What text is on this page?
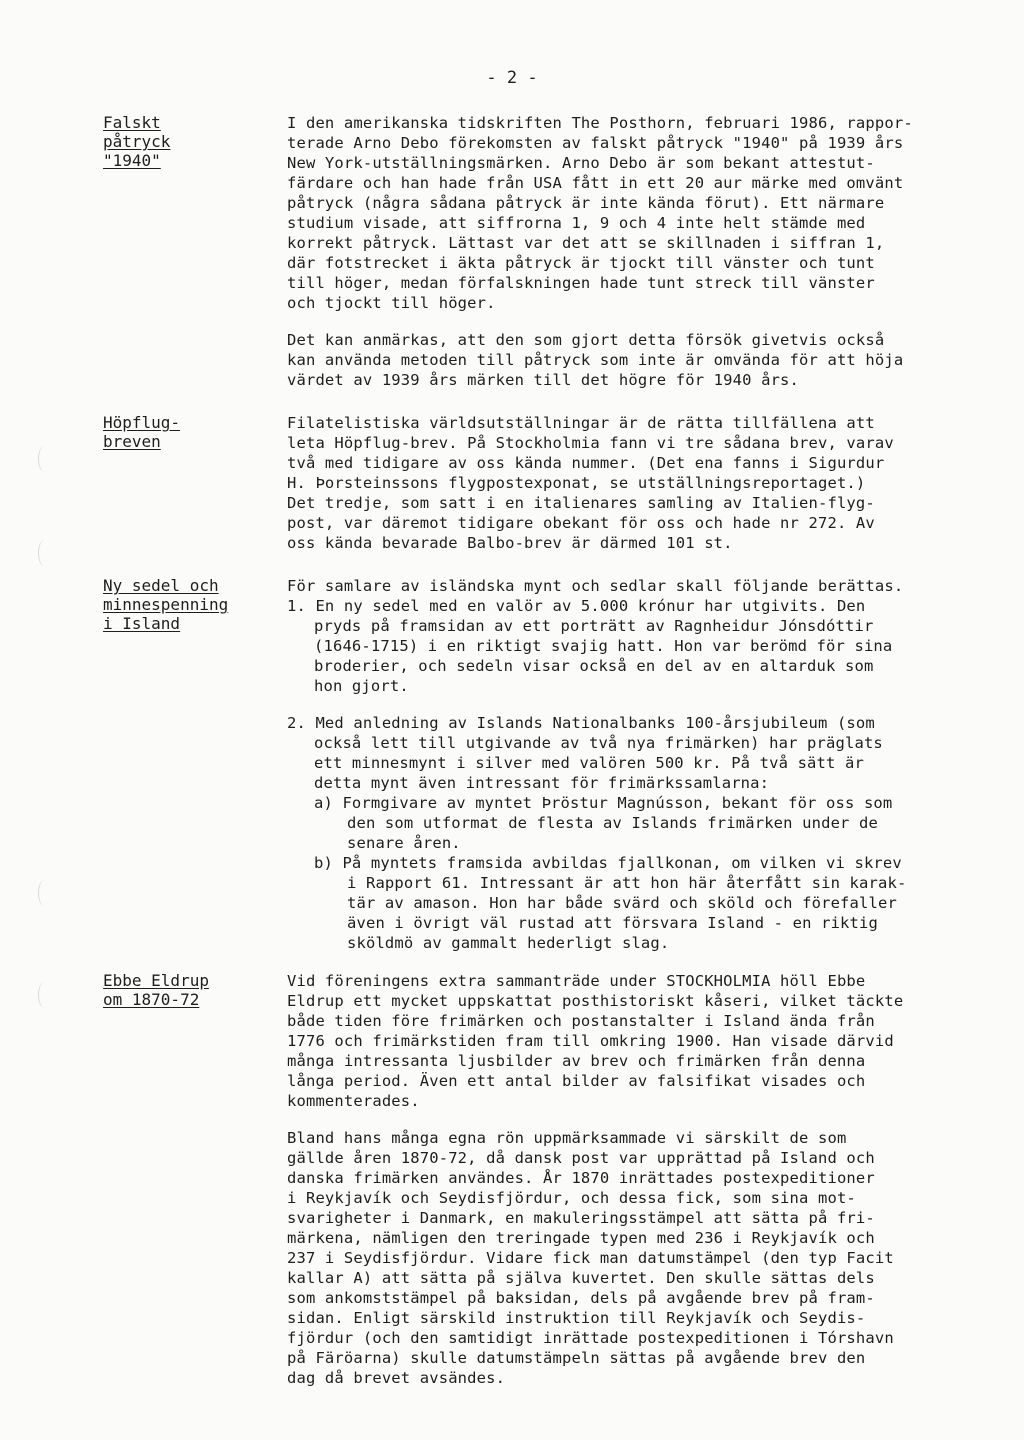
- 2 -
Falskt
påtryck
"1940"
I den amerikanska tidskriften The Posthorn, februari 1986, rappor-
terade Arno Debo förekomsten av falskt påtryck "1940" på 1939 års
New York-utställningsmärken. Arno Debo är som bekant attestut-
färdare och han hade från USA fått in ett 20 aur märke med omvänt
påtryck (några sådana påtryck är inte kända förut). Ett närmare
studium visade, att siffrorna 1, 9 och 4 inte helt stämde med
korrekt påtryck. Lättast var det att se skillnaden i siffran 1,
där fotstrecket i äkta påtryck är tjockt till vänster och tunt
till höger, medan förfalskningen hade tunt streck till vänster
och tjockt till höger.
Det kan anmärkas, att den som gjort detta försök givetvis också
kan använda metoden till påtryck som inte är omvända för att höja
värdet av 1939 års märken till det högre för 1940 års.
Höpflug-
breven
Filatelistiska världsutställningar är de rätta tillfällena att
leta Höpflug-brev. På Stockholmia fann vi tre sådana brev, varav
två med tidigare av oss kända nummer. (Det ena fanns i Sigurdur
H. Þorsteinssons flygpostexponat, se utställningsreportaget.)
Det tredje, som satt i en italienares samling av Italien-flyg-
post, var däremot tidigare obekant för oss och hade nr 272. Av
oss kända bevarade Balbo-brev är därmed 101 st.
Ny sedel och
minnespenning
i Island
För samlare av isländska mynt och sedlar skall följande berättas.
1. En ny sedel med en valör av 5.000 krónur har utgivits. Den
pryds på framsidan av ett porträtt av Ragnheidur Jónsdóttir
(1646-1715) i en riktigt svajig hatt. Hon var berömd för sina
broderier, och sedeln visar också en del av en altarduk som
hon gjort.
2. Med anledning av Islands Nationalbanks 100-årsjubileum (som
också lett till utgivande av två nya frimärken) har präglats
ett minnesmynt i silver med valören 500 kr. På två sätt är
detta mynt även intressant för frimärkssamlarna:
a) Formgivare av myntet Þröstur Magnússon, bekant för oss som
den som utformat de flesta av Islands frimärken under de
senare åren.
b) På myntets framsida avbildas fjallkonan, om vilken vi skrev
i Rapport 61. Intressant är att hon här återfått sin karak-
tär av amason. Hon har både svärd och sköld och förefaller
även i övrigt väl rustad att försvara Island - en riktig
sköldmö av gammalt hederligt slag.
Ebbe Eldrup
om 1870-72
Vid föreningens extra sammanträde under STOCKHOLMIA höll Ebbe
Eldrup ett mycket uppskattat posthistoriskt kåseri, vilket täckte
både tiden före frimärken och postanstalter i Island ända från
1776 och frimärkstiden fram till omkring 1900. Han visade därvid
många intressanta ljusbilder av brev och frimärken från denna
långa period. Även ett antal bilder av falsifikat visades och
kommenterades.
Bland hans många egna rön uppmärksammade vi särskilt de som
gällde åren 1870-72, då dansk post var upprättad på Island och
danska frimärken användes. År 1870 inrättades postexpeditioner
i Reykjavík och Seydisfjördur, och dessa fick, som sina mot-
svarigheter i Danmark, en makuleringsstämpel att sätta på fri-
märkena, nämligen den treringade typen med 236 i Reykjavík och
237 i Seydisfjördur. Vidare fick man datumstämpel (den typ Facit
kallar A) att sätta på själva kuvertet. Den skulle sättas dels
som ankomststämpel på baksidan, dels på avgående brev på fram-
sidan. Enligt särskild instruktion till Reykjavík och Seydis-
fjördur (och den samtidigt inrättade postexpeditionen i Tórshavn
på Färöarna) skulle datumstämpeln sättas på avgående brev den
dag då brevet avsändes.
